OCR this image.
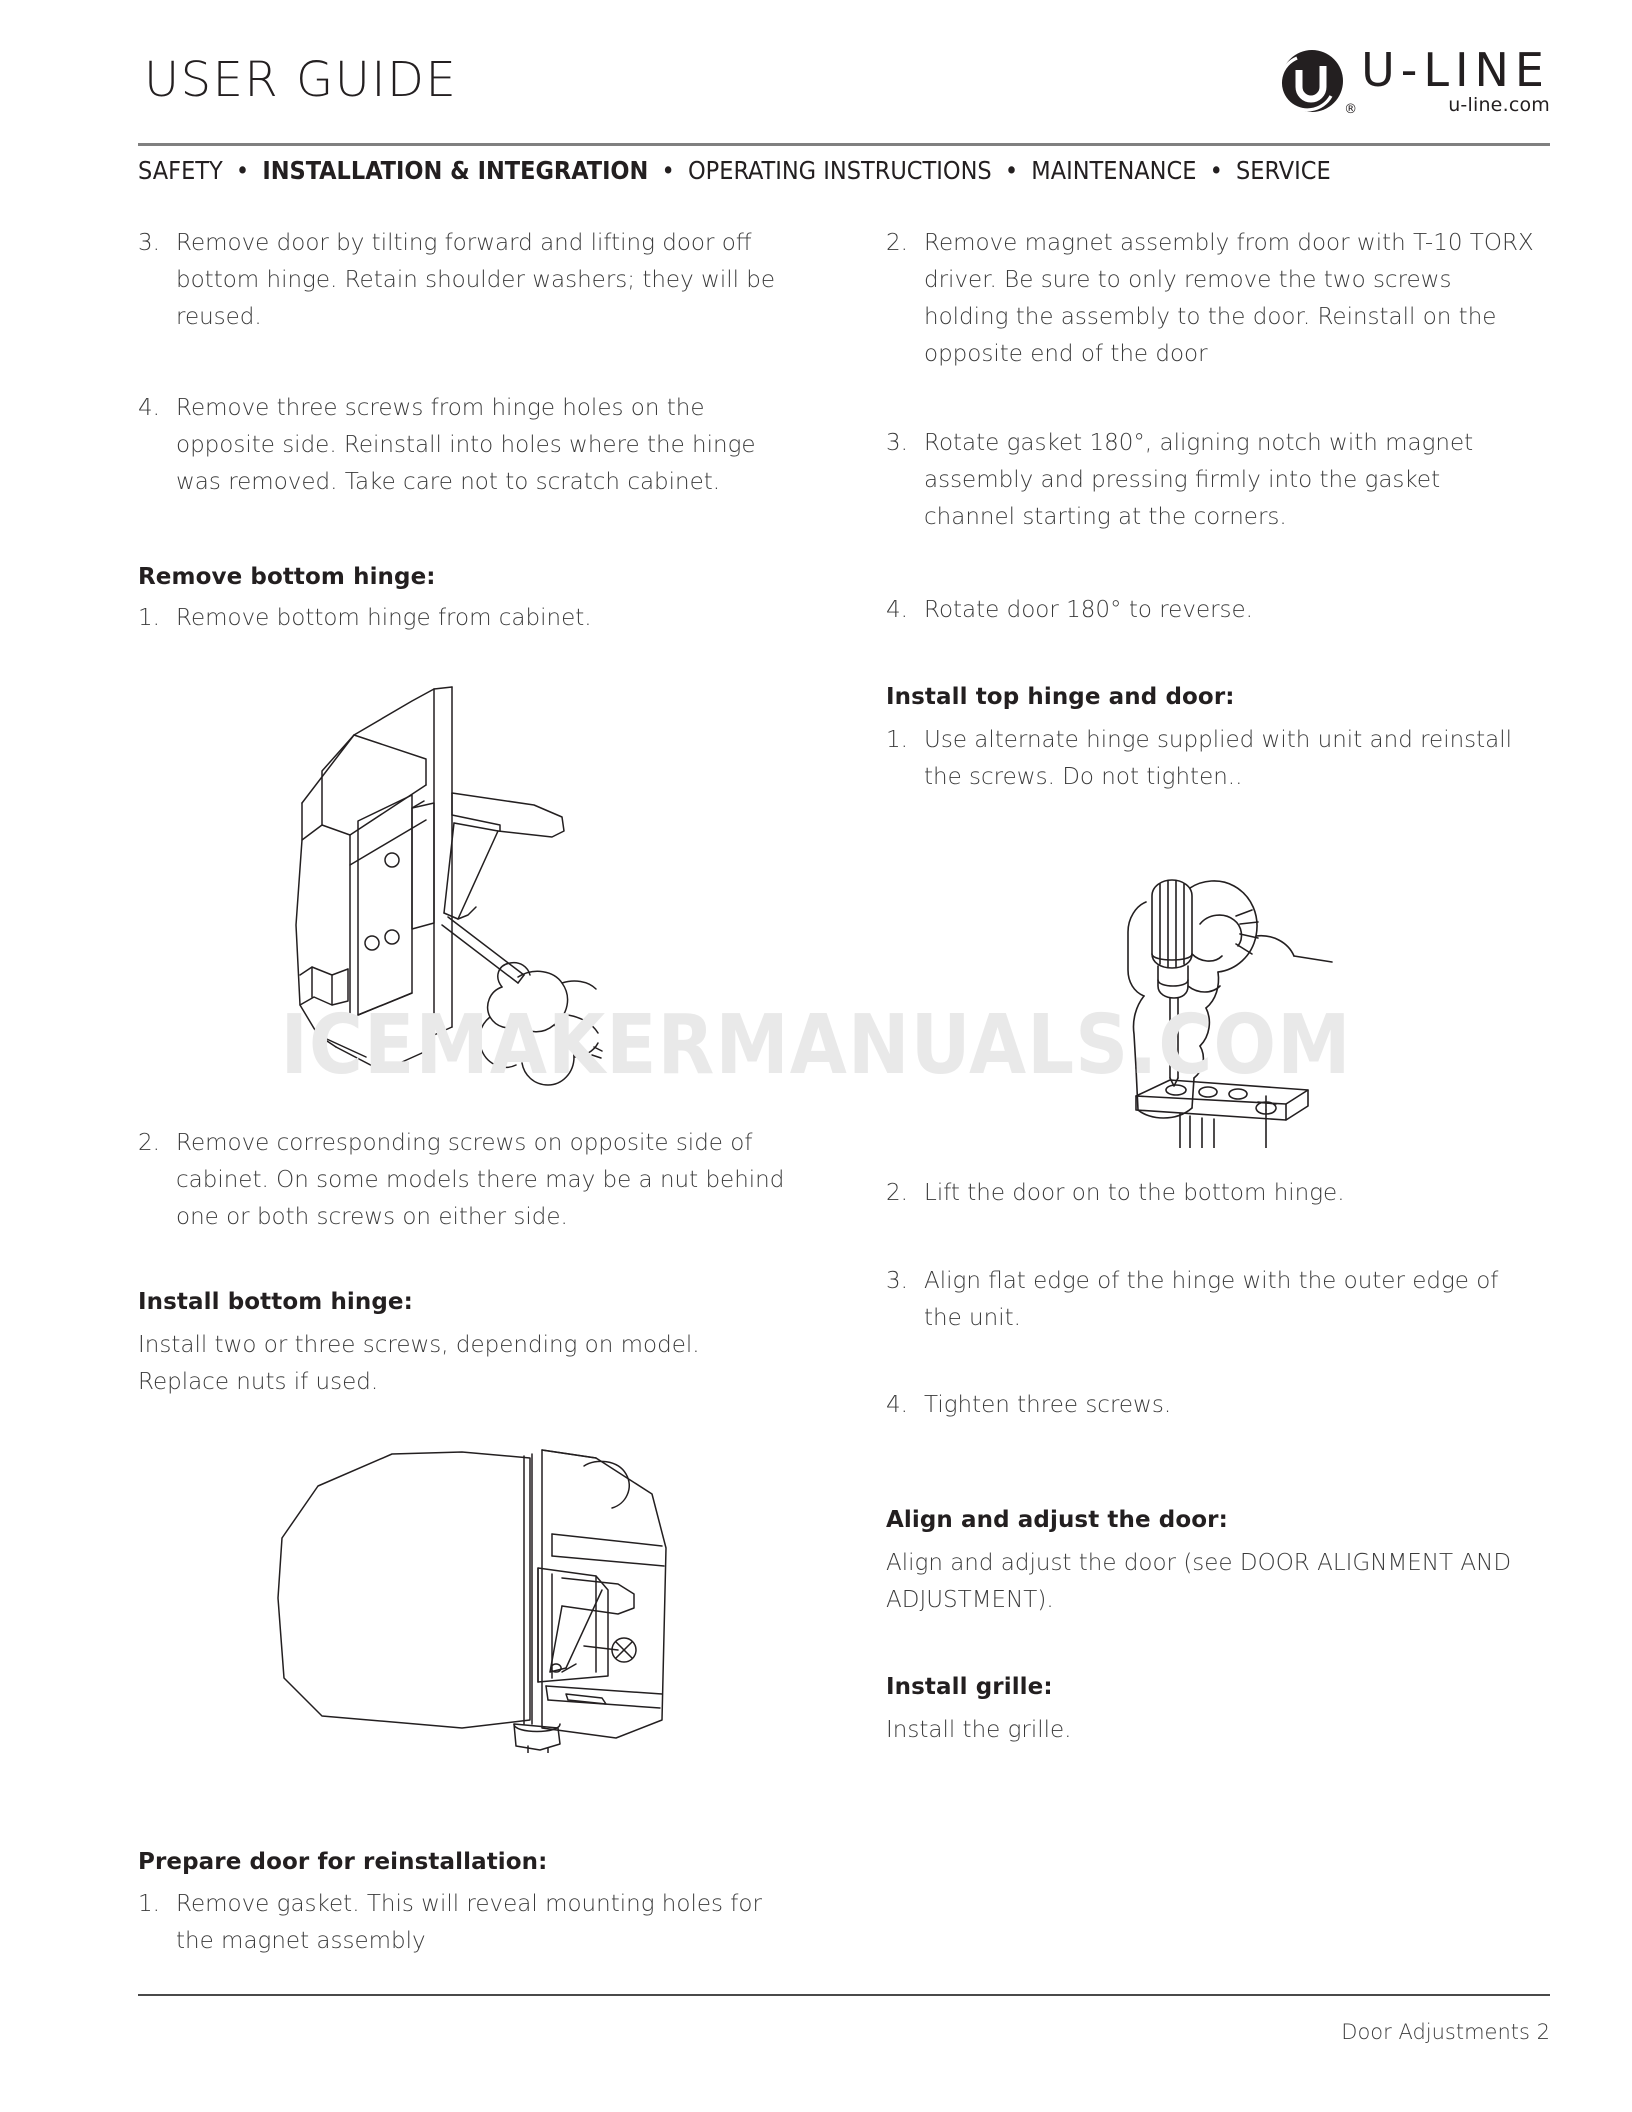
USER GUIDE
®
U-LINE
u-line.com
SAFETY • INSTALLATION & INTEGRATION • OPERATING INSTRUCTIONS • MAINTENANCE • SERVICE
3. Remove door by tilting forward and lifting door off bottom hinge. Retain shoulder washers; they will be reused.
4. Remove three screws from hinge holes on the opposite side. Reinstall into holes where the hinge was removed. Take care not to scratch cabinet.
Remove bottom hinge:
1. Remove bottom hinge from cabinet.
2. Remove corresponding screws on opposite side of cabinet. On some models there may be a nut behind one or both screws on either side.
Install bottom hinge:
Install two or three screws, depending on model. Replace nuts if used.
Prepare door for reinstallation:
1. Remove gasket. This will reveal mounting holes for the magnet assembly
2. Remove magnet assembly from door with T-10 TORX driver. Be sure to only remove the two screws holding the assembly to the door. Reinstall on the opposite end of the door
3. Rotate gasket 180°, aligning notch with magnet assembly and pressing firmly into the gasket channel starting at the corners.
4. Rotate door 180° to reverse.
Install top hinge and door:
1. Use alternate hinge supplied with unit and reinstall the screws. Do not tighten..
2. Lift the door on to the bottom hinge.
3. Align flat edge of the hinge with the outer edge of the unit.
4. Tighten three screws.
Align and adjust the door:
Align and adjust the door (see DOOR ALIGNMENT AND ADJUSTMENT).
Install grille:
Install the grille.
ICEMAKERMANUALS.COM
Door Adjustments 2
